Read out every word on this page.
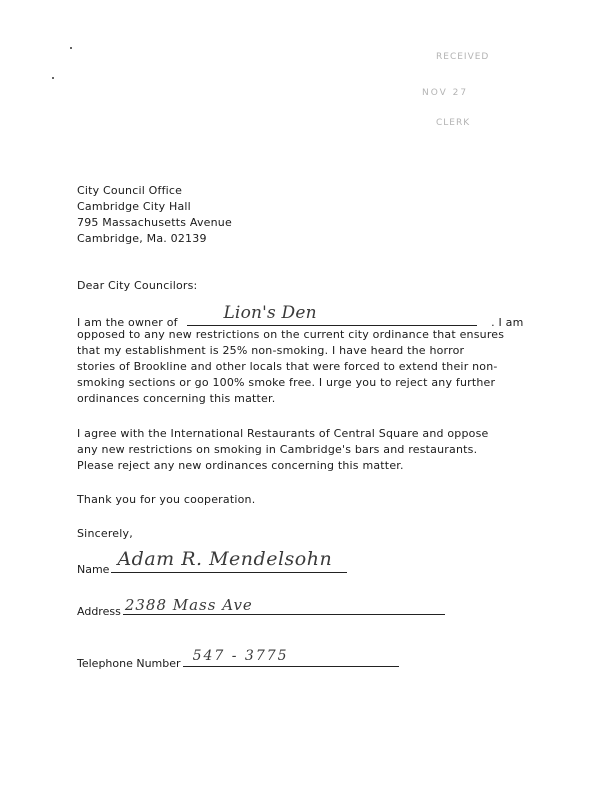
RECEIVED
NOV 27
CLERK
City Council Office
Cambridge City Hall
795 Massachusetts Avenue
Cambridge, Ma. 02139
Dear City Councilors:
I am the owner of	Lion's Den	. I am
opposed to any new restrictions on the current city ordinance that ensures
that my establishment is 25% non-smoking. I have heard the horror
stories of Brookline and other locals that were forced to extend their non-
smoking sections or go 100% smoke free. I urge you to reject any further
ordinances concerning this matter.
I agree with the International Restaurants of Central Square and oppose
any new restrictions on smoking in Cambridge's bars and restaurants.
Please reject any new ordinances concerning this matter.
Thank you for you cooperation.
Sincerely,
Name Adam R. Mendelsohn
Address 2388 Mass Ave
Telephone Number 547 - 3775
